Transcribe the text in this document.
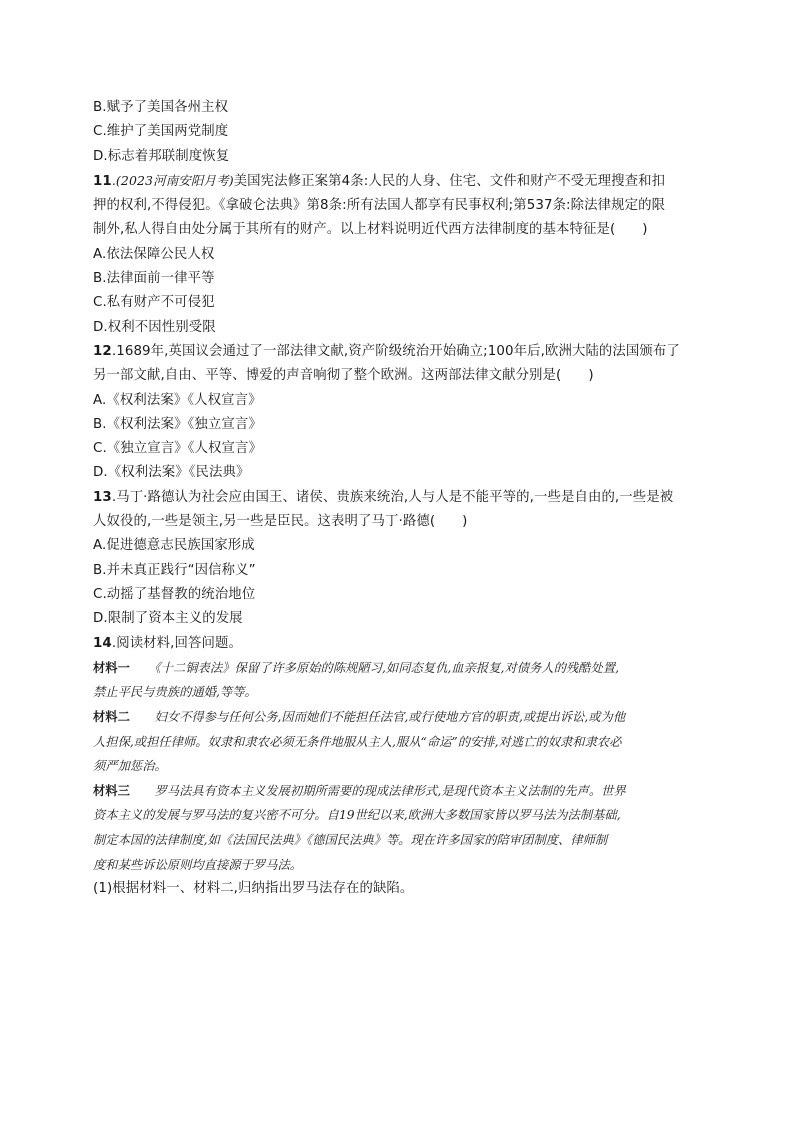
B.赋予了美国各州主权
C.维护了美国两党制度
D.标志着邦联制度恢复
11.(2023河南安阳月考)美国宪法修正案第4条:人民的人身、住宅、文件和财产不受无理搜查和扣
押的权利,不得侵犯。《拿破仑法典》第8条:所有法国人都享有民事权利;第537条:除法律规定的限
制外,私人得自由处分属于其所有的财产。以上材料说明近代西方法律制度的基本特征是(　　)
A.依法保障公民人权
B.法律面前一律平等
C.私有财产不可侵犯
D.权利不因性别受限
12.1689年,英国议会通过了一部法律文献,资产阶级统治开始确立;100年后,欧洲大陆的法国颁布了
另一部文献,自由、平等、博爱的声音响彻了整个欧洲。这两部法律文献分别是(　　)
A.《权利法案》《人权宣言》
B.《权利法案》《独立宣言》
C.《独立宣言》《人权宣言》
D.《权利法案》《民法典》
13.马丁·路德认为社会应由国王、诸侯、贵族来统治,人与人是不能平等的,一些是自由的,一些是被
人奴役的,一些是领主,另一些是臣民。这表明了马丁·路德(　　)
A.促进德意志民族国家形成
B.并未真正践行“因信称义”
C.动摇了基督教的统治地位
D.限制了资本主义的发展
14.阅读材料,回答问题。
材料一　　 《十二铜表法》保留了许多原始的陈规陋习,如同态复仇,血亲报复,对债务人的残酷处置,
禁止平民与贵族的通婚,等等。
材料二　　 妇女不得参与任何公务,因而她们不能担任法官,或行使地方官的职责,或提出诉讼,或为他
人担保,或担任律师。奴隶和隶农必须无条件地服从主人,服从“命运”的安排,对逃亡的奴隶和隶农必
须严加惩治。
材料三　　 罗马法具有资本主义发展初期所需要的现成法律形式,是现代资本主义法制的先声。世界
资本主义的发展与罗马法的复兴密不可分。自19世纪以来,欧洲大多数国家皆以罗马法为法制基础,
制定本国的法律制度,如《法国民法典》《德国民法典》等。现在许多国家的陪审团制度、律师制
度和某些诉讼原则均直接源于罗马法。
(1)根据材料一、材料二,归纳指出罗马法存在的缺陷。
